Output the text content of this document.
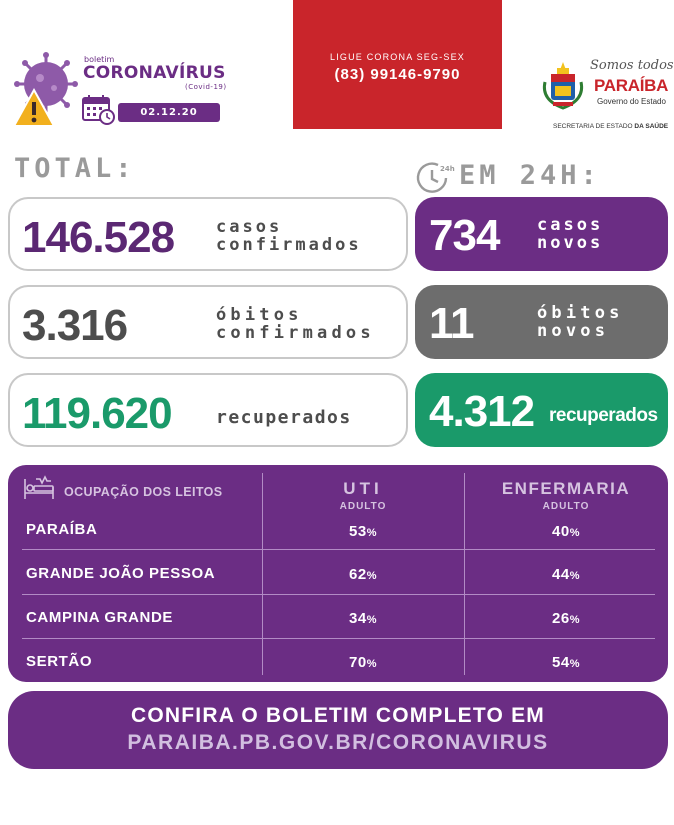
boletim
CORONAVÍRUS
(Covid-19)
02.12.20
LIGUE CORONA SEG-SEX
(83) 99146-9790
Somos todos
PARAÍBA
Governo do Estado
SECRETARIA DE ESTADO DA SAÚDE
TOTAL:	24h EM 24H:
146.528 casos
confirmados 734 casos
novos
3.316	óbitos
confirmados 11	óbitos
novos
119.620 recuperados 4.312 recuperados
OCUPAÇÃO DOS LEITOS	UTI
ADULTO
ENFERMARIA
ADULTO
PARAÍBA	53%	40%
GRANDE JOÃO PESSOA	62%	44%
CAMPINA GRANDE	34%	26%
SERTÃO	70%	54%
CONFIRA O BOLETIM COMPLETO EM
PARAIBA.PB.GOV.BR/CORONAVIRUS
